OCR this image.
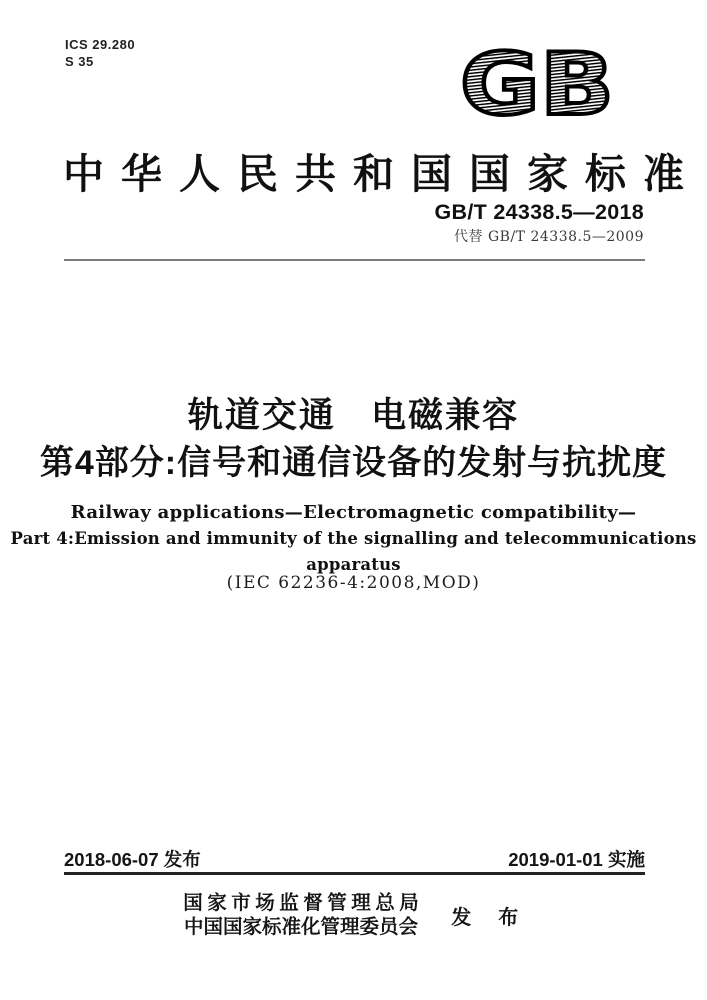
ICS 29.280
S 35	GB
中华人民共和国国家标准
GB/T 24338.5—2018
代替 GB/T 24338.5—2009
轨道交通   电磁兼容
第4部分:信号和通信设备的发射与抗扰度
Railway applications—Electromagnetic compatibility—
Part 4:Emission and immunity of the signalling and telecommunications apparatus
(IEC 62236-4:2008,MOD)
2018-06-07 发布	2019-01-01 实施
国家市场监督管理总局
中国国家标准化管理委员会	发 布
